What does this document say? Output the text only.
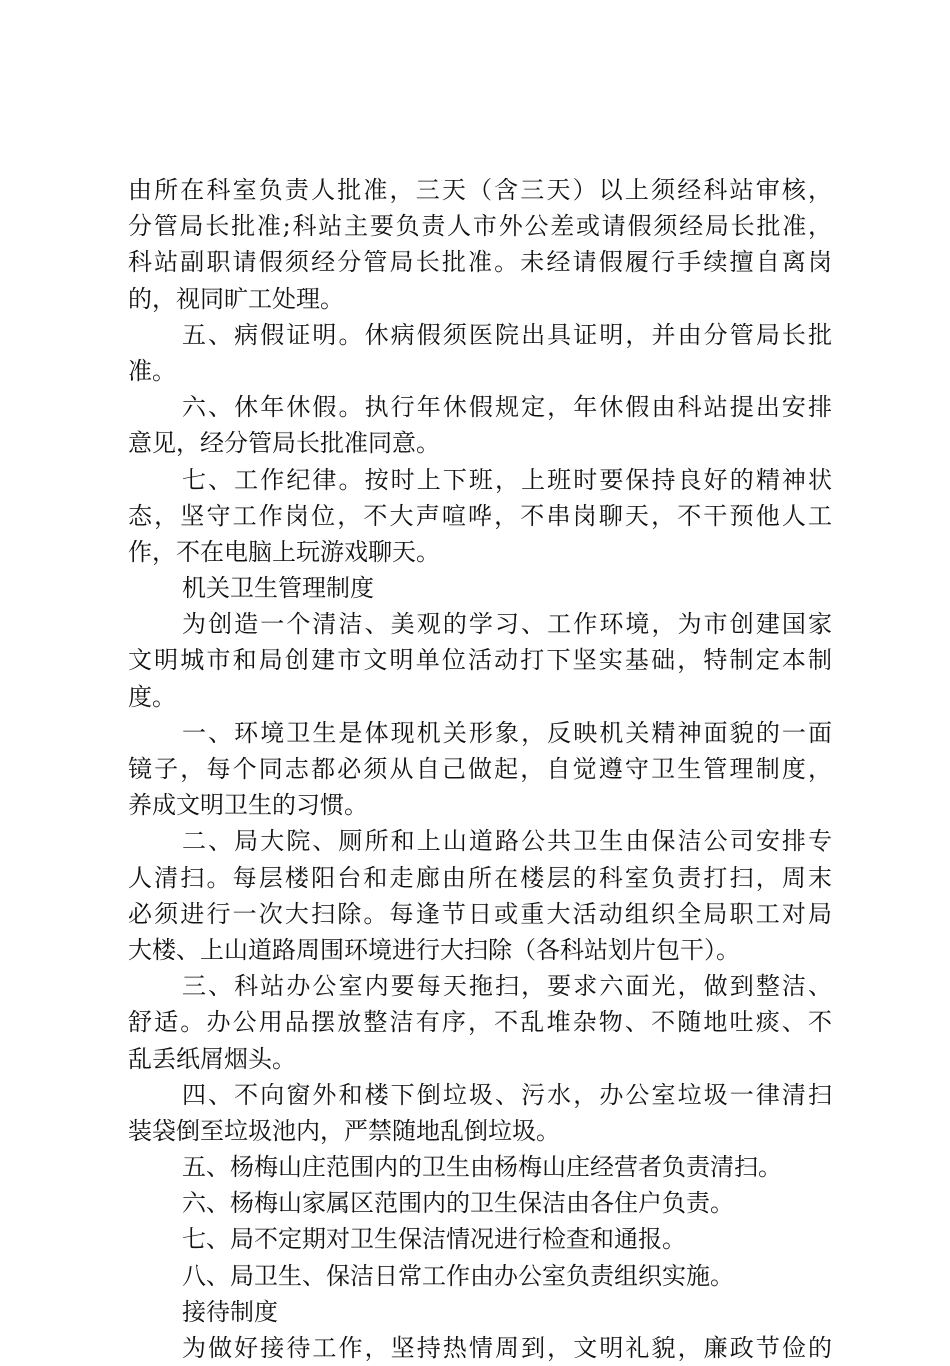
由所在科室负责人批准，三天（含三天）以上须经科站审核，
分管局长批准;科站主要负责人市外公差或请假须经局长批准，
科站副职请假须经分管局长批准。未经请假履行手续擅自离岗
的，视同旷工处理。
五、病假证明。休病假须医院出具证明，并由分管局长批
准。
六、休年休假。执行年休假规定，年休假由科站提出安排
意见，经分管局长批准同意。
七、工作纪律。按时上下班，上班时要保持良好的精神状
态，坚守工作岗位，不大声喧哗，不串岗聊天，不干预他人工
作，不在电脑上玩游戏聊天。
机关卫生管理制度
为创造一个清洁、美观的学习、工作环境，为市创建国家
文明城市和局创建市文明单位活动打下坚实基础，特制定本制
度。
一、环境卫生是体现机关形象，反映机关精神面貌的一面
镜子，每个同志都必须从自己做起，自觉遵守卫生管理制度，
养成文明卫生的习惯。
二、局大院、厕所和上山道路公共卫生由保洁公司安排专
人清扫。每层楼阳台和走廊由所在楼层的科室负责打扫，周末
必须进行一次大扫除。每逢节日或重大活动组织全局职工对局
大楼、上山道路周围环境进行大扫除（各科站划片包干）。
三、科站办公室内要每天拖扫，要求六面光，做到整洁、
舒适。办公用品摆放整洁有序，不乱堆杂物、不随地吐痰、不
乱丢纸屑烟头。
四、不向窗外和楼下倒垃圾、污水，办公室垃圾一律清扫
装袋倒至垃圾池内，严禁随地乱倒垃圾。
五、杨梅山庄范围内的卫生由杨梅山庄经营者负责清扫。
六、杨梅山家属区范围内的卫生保洁由各住户负责。
七、局不定期对卫生保洁情况进行检查和通报。
八、局卫生、保洁日常工作由办公室负责组织实施。
接待制度
为做好接待工作，坚持热情周到，文明礼貌，廉政节俭的
